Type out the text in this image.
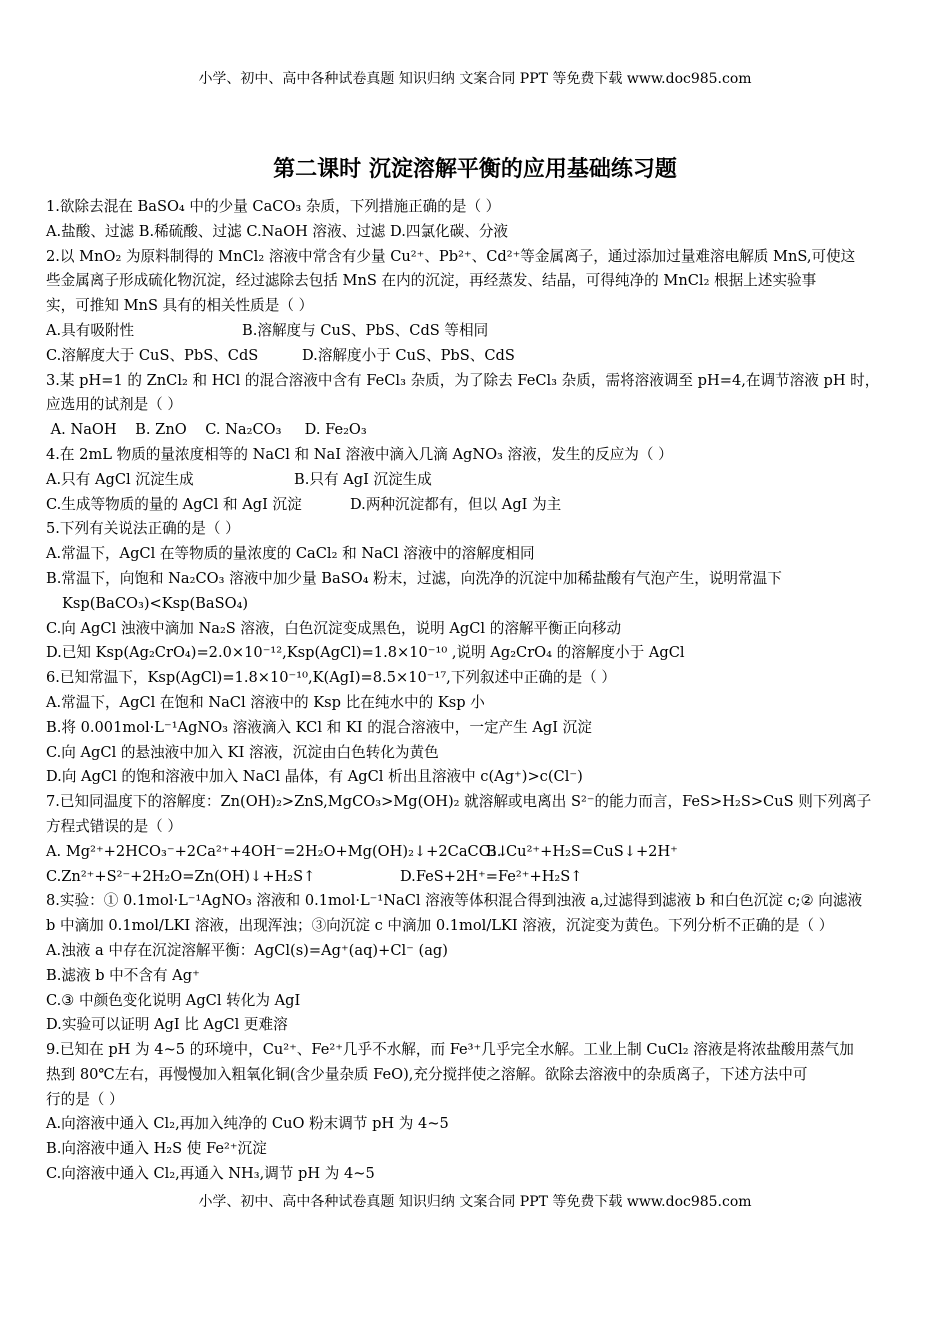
小学、初中、高中各种试卷真题 知识归纳 文案合同 PPT 等免费下载 www.doc985.com
第二课时 沉淀溶解平衡的应用基础练习题
1.欲除去混在 BaSO₄ 中的少量 CaCO₃ 杂质，下列措施正确的是（ ）
A.盐酸、过滤 B.稀硫酸、过滤 C.NaOH 溶液、过滤 D.四氯化碳、分液
2.以 MnO₂ 为原料制得的 MnCl₂ 溶液中常含有少量 Cu²⁺、Pb²⁺、Cd²⁺等金属离子，通过添加过量难溶电解质 MnS,可使这
些金属离子形成硫化物沉淀，经过滤除去包括 MnS 在内的沉淀，再经蒸发、结晶，可得纯净的 MnCl₂ 根据上述实验事
实，可推知 MnS 具有的相关性质是（ ）
A.具有吸附性	B.溶解度与 CuS、PbS、CdS 等相同
C.溶解度大于 CuS、PbS、CdS	D.溶解度小于 CuS、PbS、CdS
3.某 pH=1 的 ZnCl₂ 和 HCl 的混合溶液中含有 FeCl₃ 杂质，为了除去 FeCl₃ 杂质，需将溶液调至 pH=4,在调节溶液 pH 时，
应选用的试剂是（ ）
A. NaOH    B. ZnO    C. Na₂CO₃     D. Fe₂O₃
4.在 2mL 物质的量浓度相等的 NaCl 和 NaI 溶液中滴入几滴 AgNO₃ 溶液，发生的反应为（ ）
A.只有 AgCl 沉淀生成	B.只有 AgI 沉淀生成
C.生成等物质的量的 AgCl 和 AgI 沉淀	D.两种沉淀都有，但以 AgI 为主
5.下列有关说法正确的是（ ）
A.常温下，AgCl 在等物质的量浓度的 CaCl₂ 和 NaCl 溶液中的溶解度相同
B.常温下，向饱和 Na₂CO₃ 溶液中加少量 BaSO₄ 粉末，过滤，向洗净的沉淀中加稀盐酸有气泡产生，说明常温下
Ksp(BaCO₃)<Ksp(BaSO₄)
C.向 AgCl 浊液中滴加 Na₂S 溶液，白色沉淀变成黑色，说明 AgCl 的溶解平衡正向移动
D.已知 Ksp(Ag₂CrO₄)=2.0×10⁻¹²,Ksp(AgCl)=1.8×10⁻¹⁰ ,说明 Ag₂CrO₄ 的溶解度小于 AgCl
6.已知常温下，Ksp(AgCl)=1.8×10⁻¹⁰,K(AgI)=8.5×10⁻¹⁷,下列叙述中正确的是（ ）
A.常温下，AgCl 在饱和 NaCl 溶液中的 Ksp 比在纯水中的 Ksp 小
B.将 0.001mol·L⁻¹AgNO₃ 溶液滴入 KCl 和 KI 的混合溶液中，一定产生 AgI 沉淀
C.向 AgCl 的悬浊液中加入 KI 溶液，沉淀由白色转化为黄色
D.向 AgCl 的饱和溶液中加入 NaCl 晶体，有 AgCl 析出且溶液中 c(Ag⁺)>c(Cl⁻)
7.已知同温度下的溶解度：Zn(OH)₂>ZnS,MgCO₃>Mg(OH)₂ 就溶解或电离出 S²⁻的能力而言，FeS>H₂S>CuS 则下列离子
方程式错误的是（ ）
A. Mg²⁺+2HCO₃⁻+2Ca²⁺+4OH⁻=2H₂O+Mg(OH)₂↓+2CaCO₃↓
B. Cu²⁺+H₂S=CuS↓+2H⁺
C.Zn²⁺+S²⁻+2H₂O=Zn(OH)↓+H₂S↑	D.FeS+2H⁺=Fe²⁺+H₂S↑
8.实验：① 0.1mol·L⁻¹AgNO₃ 溶液和 0.1mol·L⁻¹NaCl 溶液等体积混合得到浊液 a,过滤得到滤液 b 和白色沉淀 c;② 向滤液
b 中滴加 0.1mol/LKI 溶液，出现浑浊；③向沉淀 c 中滴加 0.1mol/LKI 溶液，沉淀变为黄色。下列分析不正确的是（ ）
A.浊液 a 中存在沉淀溶解平衡：AgCl(s)=Ag⁺(aq)+Cl⁻ (ag)
B.滤液 b 中不含有 Ag⁺
C.③ 中颜色变化说明 AgCl 转化为 AgI
D.实验可以证明 AgI 比 AgCl 更难溶
9.已知在 pH 为 4~5 的环境中，Cu²⁺、Fe²⁺几乎不水解，而 Fe³⁺几乎完全水解。工业上制 CuCl₂ 溶液是将浓盐酸用蒸气加
热到 80℃左右，再慢慢加入粗氧化铜(含少量杂质 FeO),充分搅拌使之溶解。欲除去溶液中的杂质离子，下述方法中可
行的是（ ）
A.向溶液中通入 Cl₂,再加入纯净的 CuO 粉末调节 pH 为 4~5
B.向溶液中通入 H₂S 使 Fe²⁺沉淀
C.向溶液中通入 Cl₂,再通入 NH₃,调节 pH 为 4~5
小学、初中、高中各种试卷真题 知识归纳 文案合同 PPT 等免费下载 www.doc985.com
